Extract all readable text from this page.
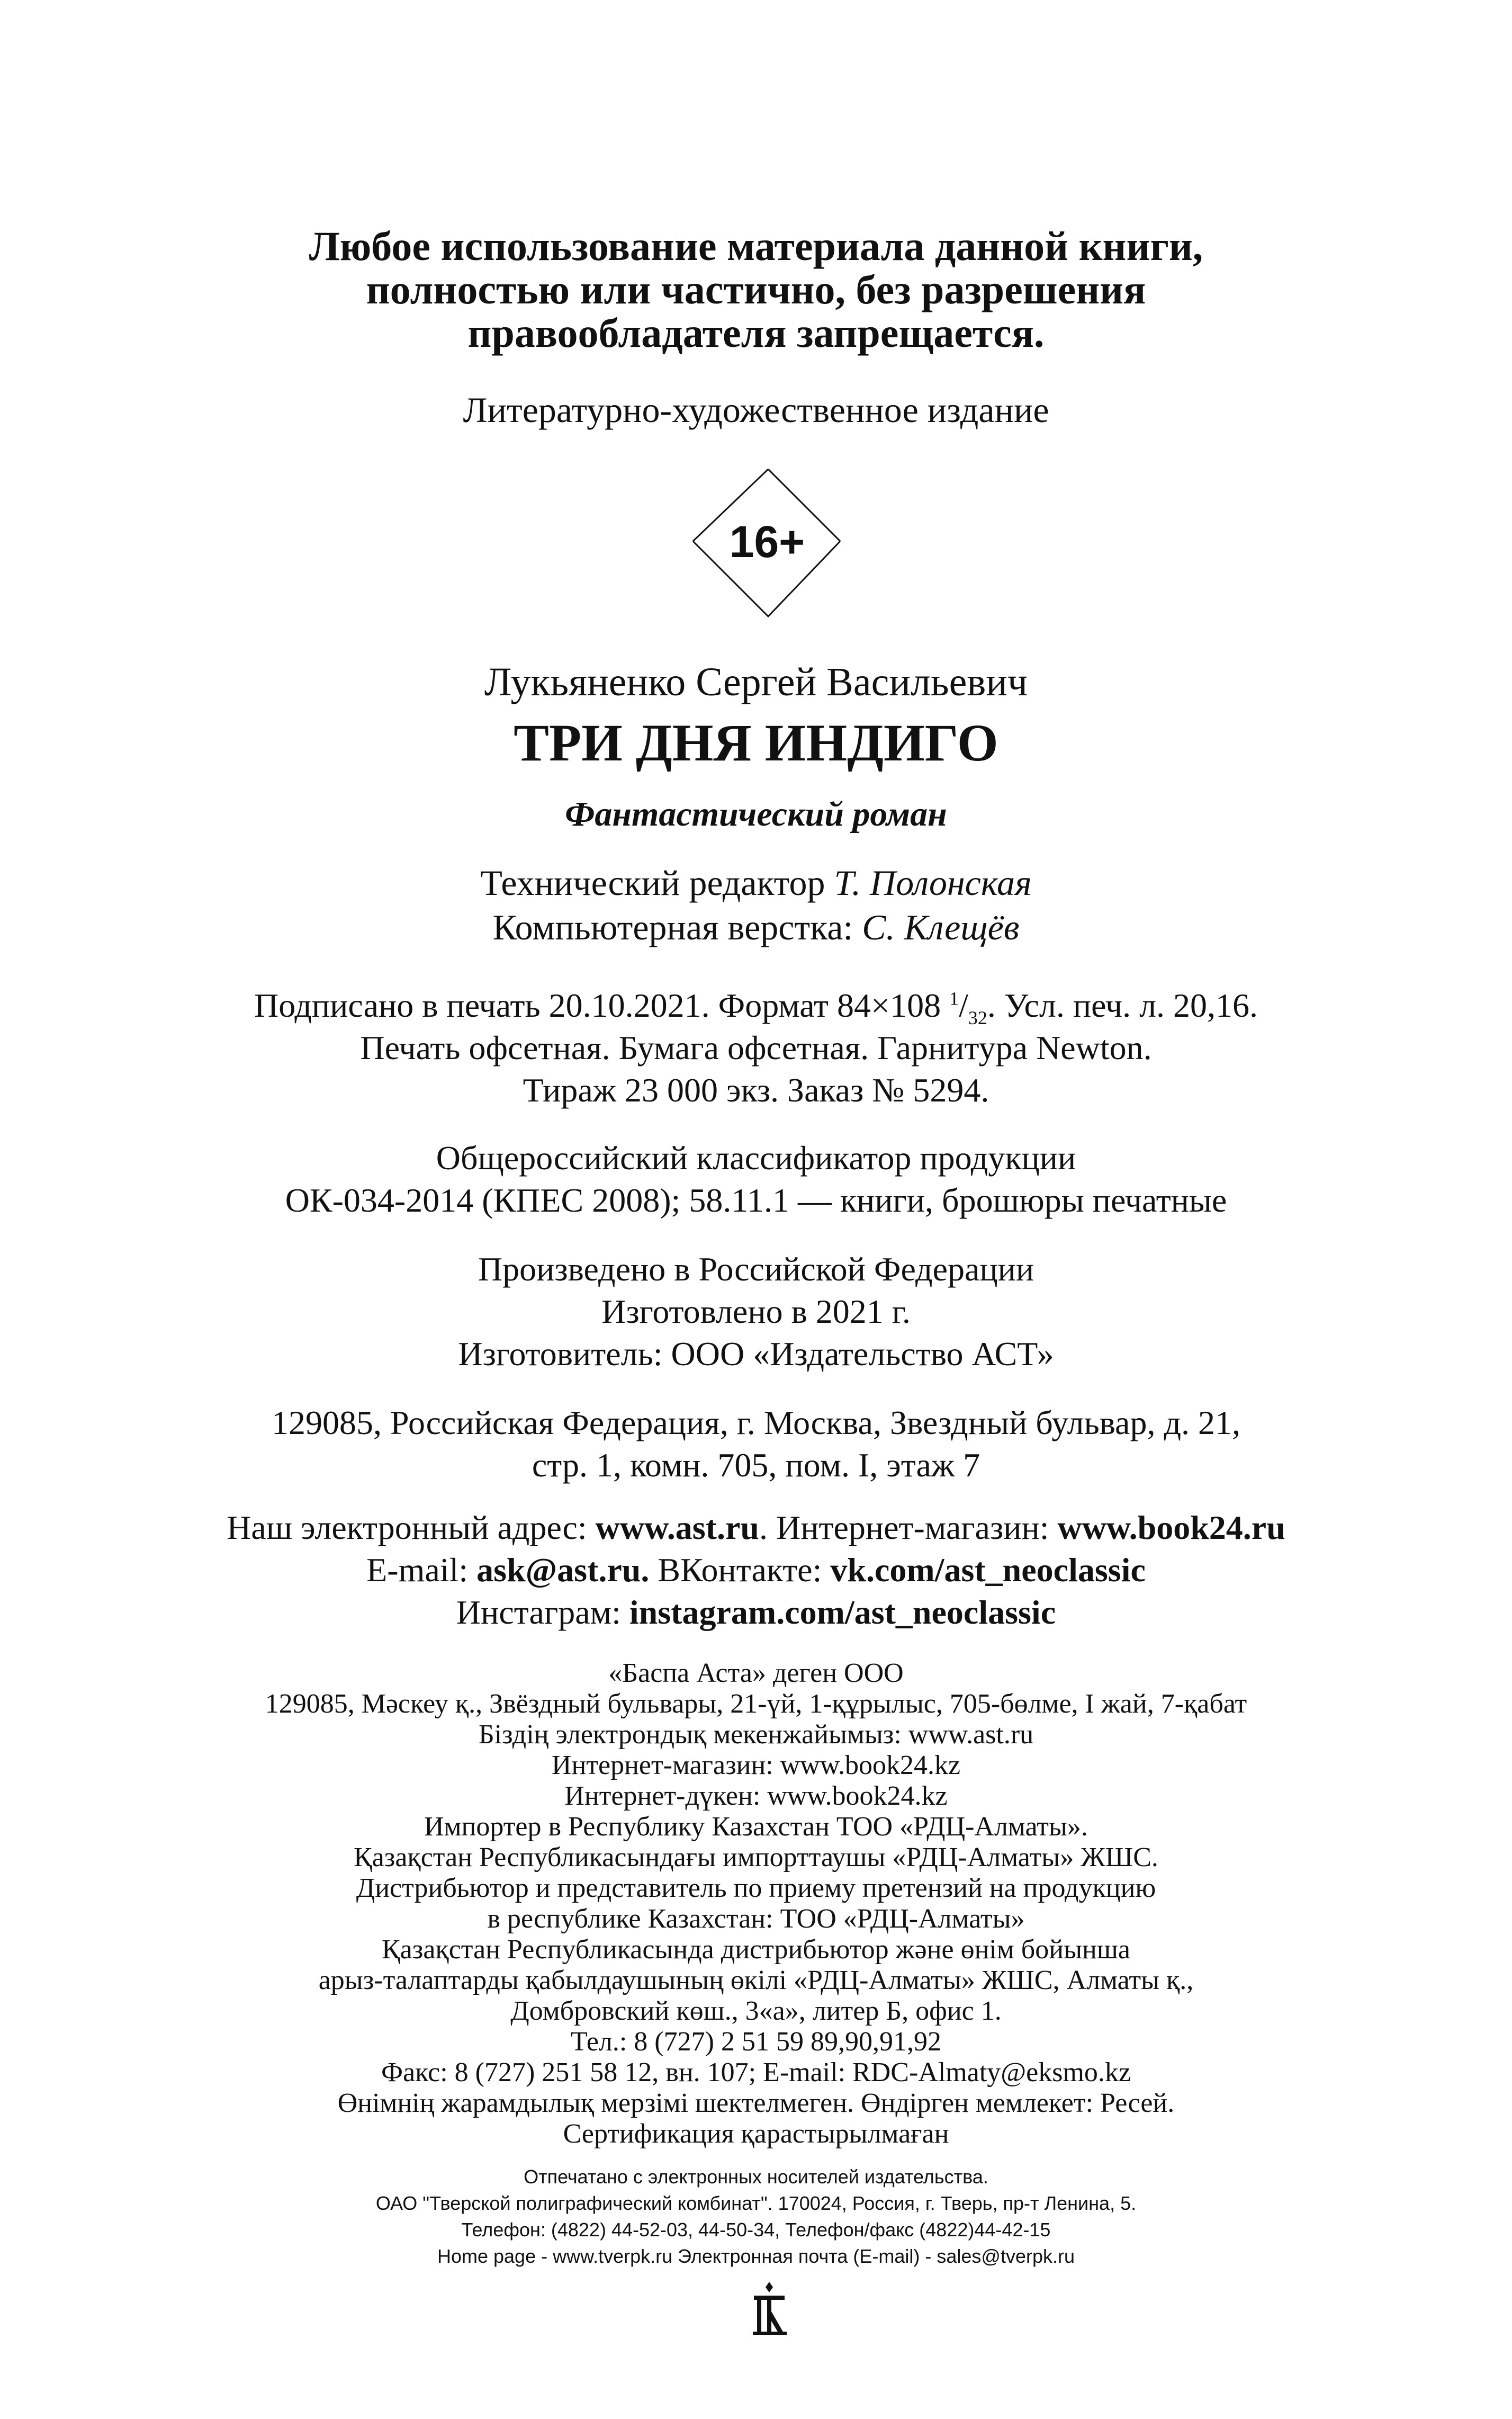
Любое использование материала данной книги,
полностью или частично, без разрешения
правообладателя запрещается.
Литературно-художественное издание
16+
Лукьяненко Сергей Васильевич
ТРИ ДНЯ ИНДИГО
Фантастический роман
Технический редактор Т. Полонская
Компьютерная верстка: С. Клещёв
Подписано в печать 20.10.2021. Формат 84×108 $^1/_{32}$. Усл. печ. л. 20,16.
Печать офсетная. Бумага офсетная. Гарнитура Newton.
Тираж 23 000 экз. Заказ № 5294.
Общероссийский классификатор продукции
ОК-034-2014 (КПЕС 2008); 58.11.1 — книги, брошюры печатные
Произведено в Российской Федерации
Изготовлено в 2021 г.
Изготовитель: ООО «Издательство АСТ»
129085, Российская Федерация, г. Москва, Звездный бульвар, д. 21,
стр. 1, комн. 705, пом. I, этаж 7
Наш электронный адрес: www.ast.ru. Интернет-магазин: www.book24.ru
E-mail: ask@ast.ru. ВКонтакте: vk.com/ast_neoclassic
Инстаграм: instagram.com/ast_neoclassic
«Баспа Аста» деген ООО
129085, Мәскеу қ., Звёздный бульвары, 21-үй, 1-құрылыс, 705-бөлме, I жай, 7-қабат
Біздің электрондық мекенжайымыз: www.ast.ru
Интернет-магазин: www.book24.kz
Интернет-дүкен: www.book24.kz
Импортер в Республику Казахстан ТОО «РДЦ-Алматы».
Қазақстан Республикасындағы импорттаушы «РДЦ-Алматы» ЖШС.
Дистрибьютор и представитель по приему претензий на продукцию
в республике Казахстан: ТОО «РДЦ-Алматы»
Қазақстан Республикасында дистрибьютор және өнім бойынша
арыз-талаптарды қабылдаушының өкілі «РДЦ-Алматы» ЖШС, Алматы қ.,
Домбровский көш., 3«а», литер Б, офис 1.
Тел.: 8 (727) 2 51 59 89,90,91,92
Факс: 8 (727) 251 58 12, вн. 107; E-mail: RDC-Almaty@eksmo.kz
Өнімнің жарамдылық мерзімі шектелмеген. Өндірген мемлекет: Ресей.
Сертификация қарастырылмаған
Отпечатано с электронных носителей издательства.
ОАО "Тверской полиграфический комбинат". 170024, Россия, г. Тверь, пр-т Ленина, 5.
Телефон: (4822) 44-52-03, 44-50-34, Телефон/факс (4822)44-42-15
Home page - www.tverpk.ru Электронная почта (E-mail) - sales@tverpk.ru
